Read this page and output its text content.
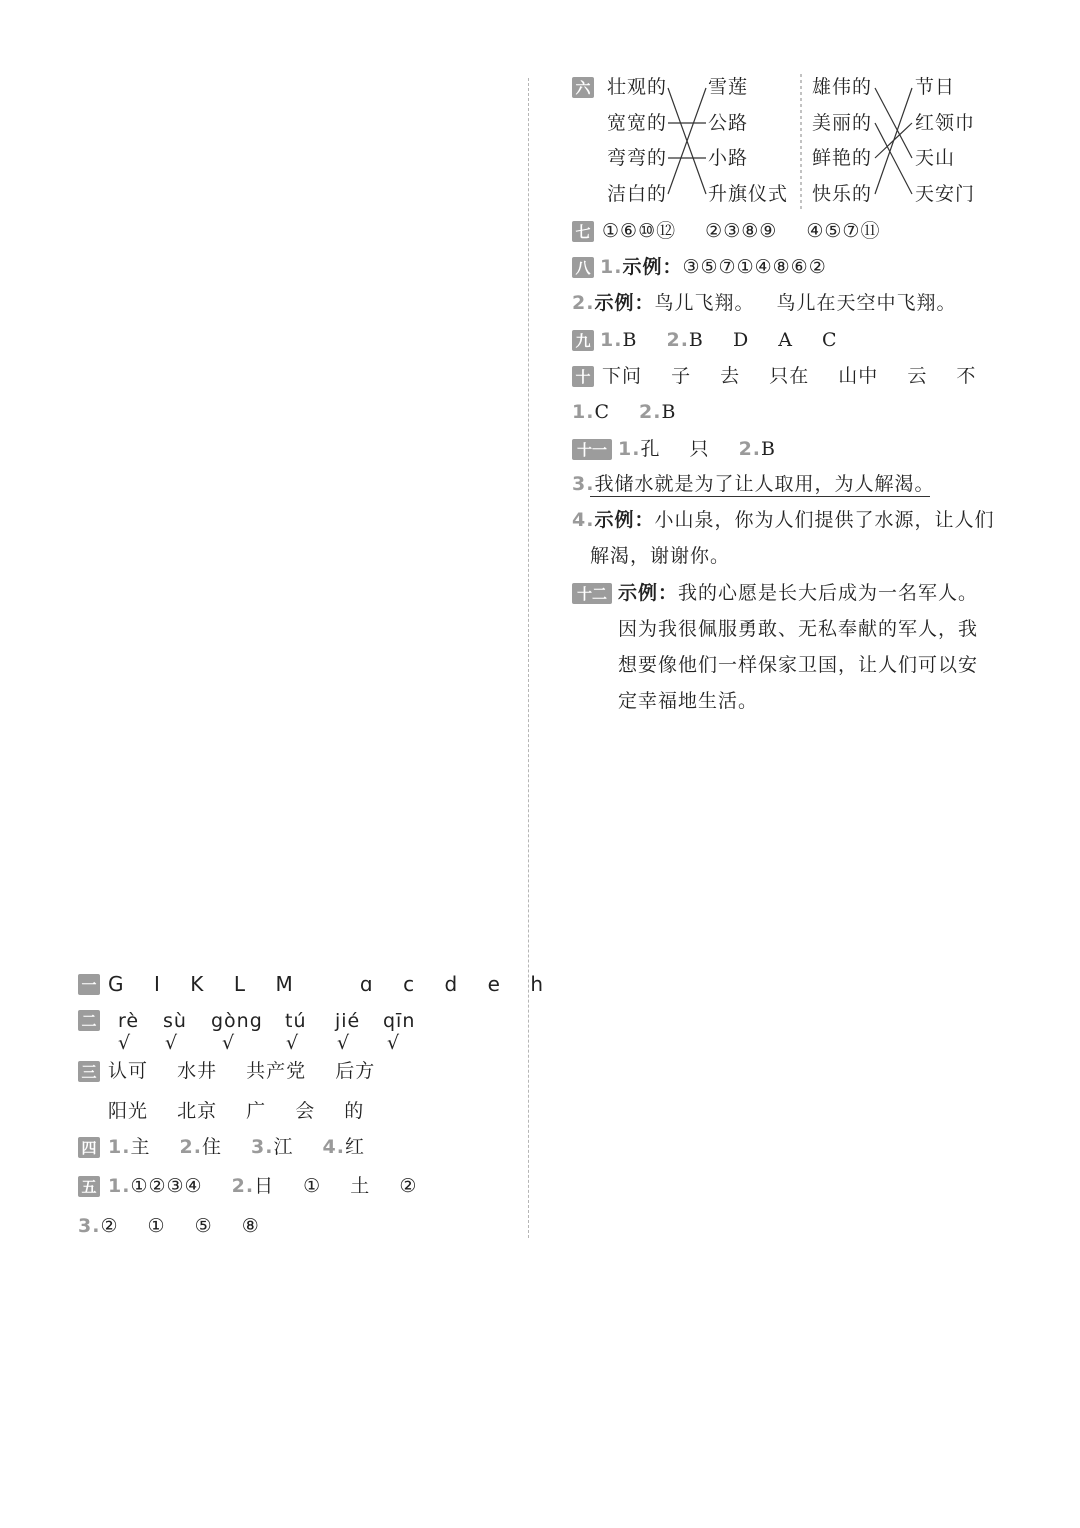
一 G I K L M	ɑ c d e h
二 rè sù gòng tú jié qīn
√ √ √	√ √ √
三 认可 水井 共产党 后方
阳光 北京 广 会 的
四 1.主 2.住 3.江 4.红
五 1.①②③④ 2.日 ① 土 ②
3.② ① ⑤ ⑧
六 壮观的
宽宽的
弯弯的
洁白的
雪莲
公路
小路
升旗仪式
雄伟的
美丽的
鲜艳的
快乐的
节日
红领巾
天山
天安门
七 ①⑥⑩⑫ ②③⑧⑨ ④⑤⑦⑪
八 1.示例：③⑤⑦①④⑧⑥②
2.示例：鸟儿飞翔。 鸟儿在天空中飞翔。
九 1.B 2.B D A C
十 下问 子 去 只在 山中 云 不
1.C 2.B
十一 1.孔 只 2.B
3.我储水就是为了让人取用，为人解渴。
4.示例：小山泉，你为人们提供了水源，让人们
解渴，谢谢你。
十二 示例：我的心愿是长大后成为一名军人。
因为我很佩服勇敢、无私奉献的军人，我
想要像他们一样保家卫国，让人们可以安
定幸福地生活。
